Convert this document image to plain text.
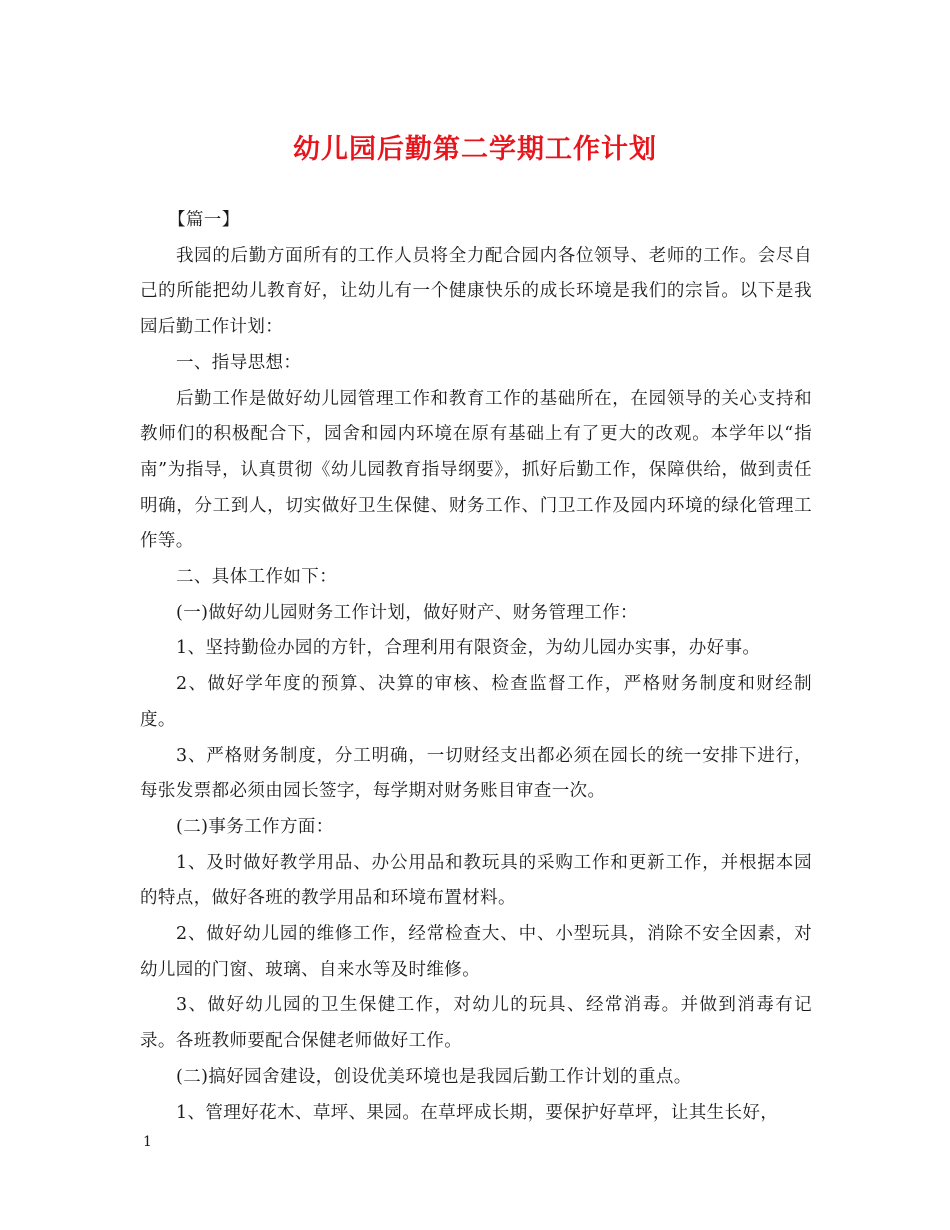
幼儿园后勤第二学期工作计划

【篇一】

我园的后勤方面所有的工作人员将全力配合园内各位领导、老师的工作。会尽自己的所能把幼儿教育好，让幼儿有一个健康快乐的成长环境是我们的宗旨。以下是我园后勤工作计划：

一、指导思想：

后勤工作是做好幼儿园管理工作和教育工作的基础所在，在园领导的关心支持和教师们的积极配合下，园舍和园内环境在原有基础上有了更大的改观。本学年以“指南”为指导，认真贯彻《幼儿园教育指导纲要》，抓好后勤工作，保障供给，做到责任明确，分工到人，切实做好卫生保健、财务工作、门卫工作及园内环境的绿化管理工作等。

二、具体工作如下：

(一)做好幼儿园财务工作计划，做好财产、财务管理工作：

1、坚持勤俭办园的方针，合理利用有限资金，为幼儿园办实事，办好事。

2、做好学年度的预算、决算的审核、检查监督工作，严格财务制度和财经制度。

3、严格财务制度，分工明确，一切财经支出都必须在园长的统一安排下进行，每张发票都必须由园长签字，每学期对财务账目审查一次。

(二)事务工作方面：

1、及时做好教学用品、办公用品和教玩具的采购工作和更新工作，并根据本园的特点，做好各班的教学用品和环境布置材料。

2、做好幼儿园的维修工作，经常检查大、中、小型玩具，消除不安全因素，对幼儿园的门窗、玻璃、自来水等及时维修。

3、做好幼儿园的卫生保健工作，对幼儿的玩具、经常消毒。并做到消毒有记录。各班教师要配合保健老师做好工作。

(二)搞好园舍建设，创设优美环境也是我园后勤工作计划的重点。

1、管理好花木、草坪、果园。在草坪成长期，要保护好草坪，让其生长好，

1
